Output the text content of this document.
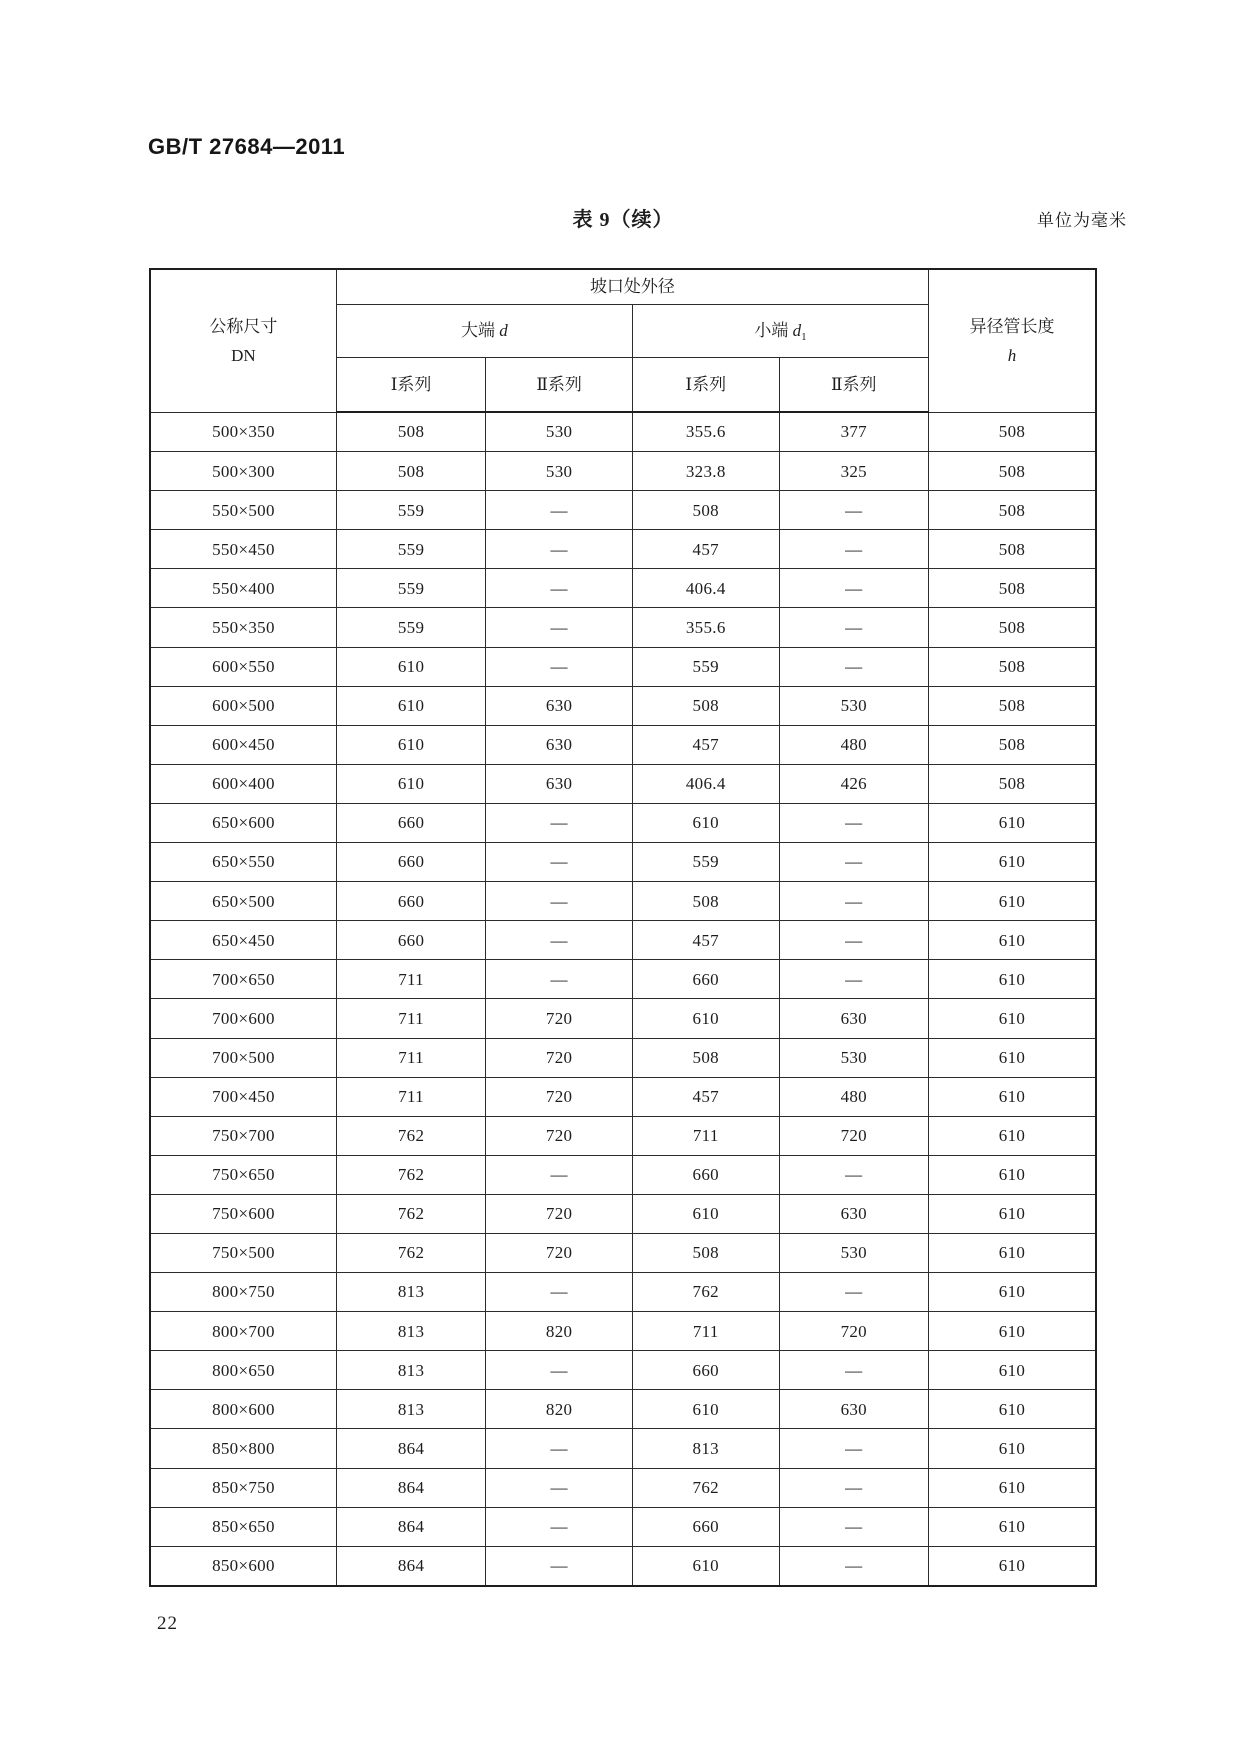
GB/T 27684—2011
表 9（续）	单位为毫米
公称尺寸
DN
	坡口处外径	
异径管长度
h

	大端 d		小端 $d_1$
	Ⅰ系列	Ⅱ系列	Ⅰ系列	Ⅱ系列	
500×350	508	530	355.6	377	508
500×300	508	530	323.8	325	508
550×500	559	—	508	—	508
550×450	559	—	457	—	508
550×400	559	—	406.4	—	508
550×350	559	—	355.6	—	508
600×550	610	—	559	—	508
600×500	610	630	508	530	508
600×450	610	630	457	480	508
600×400	610	630	406.4	426	508
650×600	660	—	610	—	610
650×550	660	—	559	—	610
650×500	660	—	508	—	610
650×450	660	—	457	—	610
700×650	711	—	660	—	610
700×600	711	720	610	630	610
700×500	711	720	508	530	610
700×450	711	720	457	480	610
750×700	762	720	711	720	610
750×650	762	—	660	—	610
750×600	762	720	610	630	610
750×500	762	720	508	530	610
800×750	813	—	762	—	610
800×700	813	820	711	720	610
800×650	813	—	660	—	610
800×600	813	820	610	630	610
850×800	864	—	813	—	610
850×750	864	—	762	—	610
850×650	864	—	660	—	610
850×600	864	—	610	—	610
22
